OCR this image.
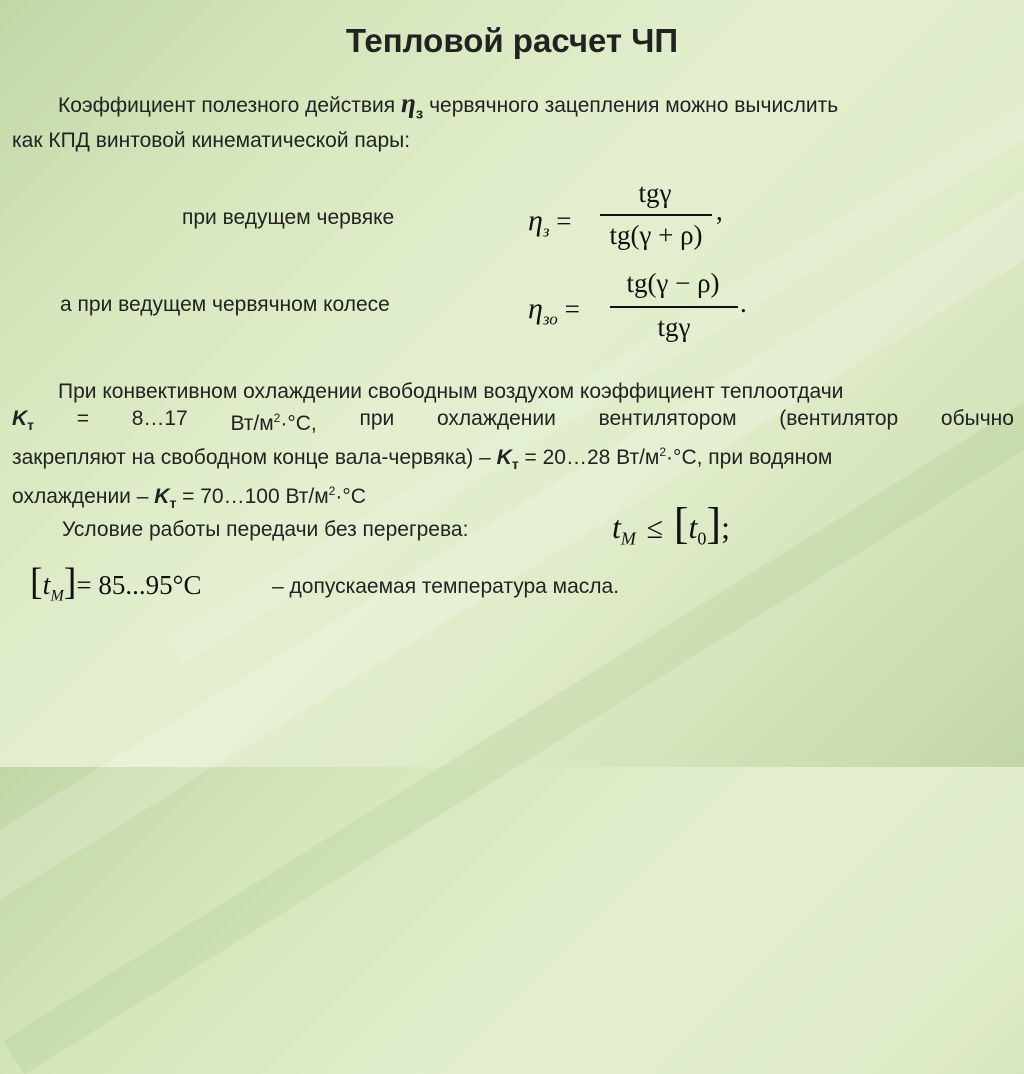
Тепловой расчет ЧП
Коэффициент полезного действия $\eta_з$ червячного зацепления можно вычислить
как КПД винтовой кинематической пары:
при ведущем червяке	$\eta_з$ =
tgγ
tg(γ + ρ)
,
а при ведущем червячном колесе	$\eta_{зо}$ =
tg(γ − ρ)
tgγ
.
При конвективном охлаждении свободным воздухом коэффициент теплоотдачи
$K_т$ = 8…17 $Вт/м^2\cdot^\circ С$, при охлаждении вентилятором (вентилятор обычно
закрепляют на свободном конце вала-червяка) – $K_т$ = 20…28 $Вт/м^2\cdot^\circ С$, при водяном
охлаждении – $K_т$ = 70…100 $Вт/м^2\cdot^\circ С$
Условие работы передачи без перегрева:	$t_M \le [t_0]$;
$[t_M]= 85...95^\circ C$	– допускаемая температура масла.
